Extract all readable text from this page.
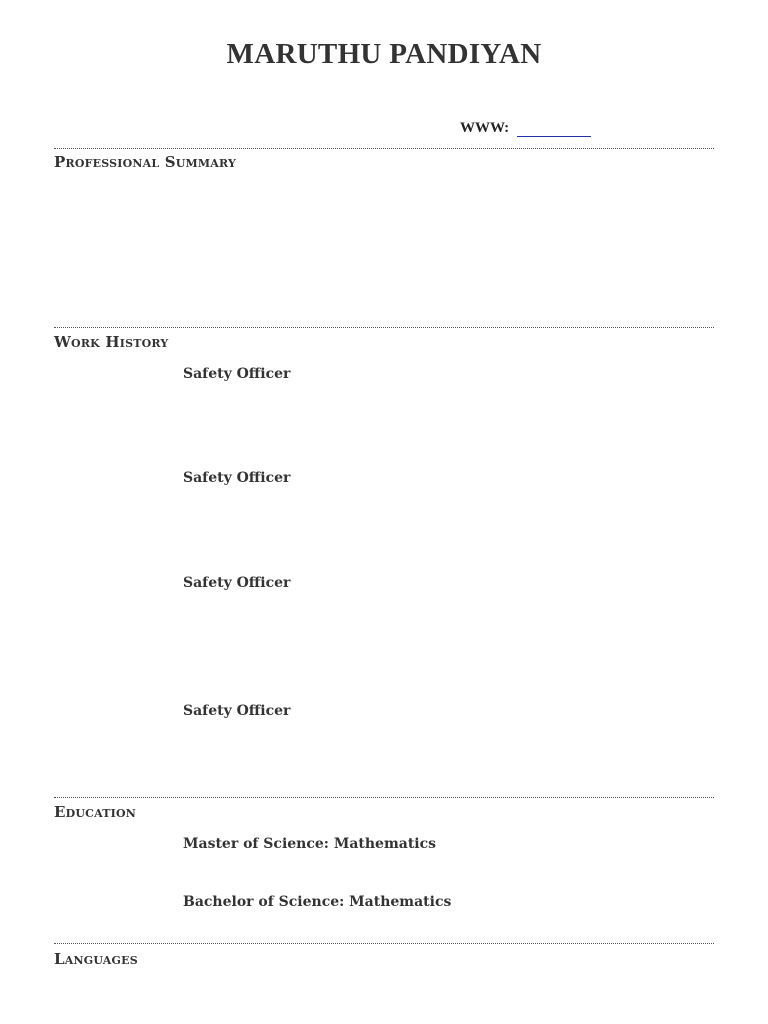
MARUTHU PANDIYAN
WWW:
Professional Summary
Work History
Safety Officer
Safety Officer
Safety Officer
Safety Officer
Education
Master of Science: Mathematics
Bachelor of Science: Mathematics
Languages
